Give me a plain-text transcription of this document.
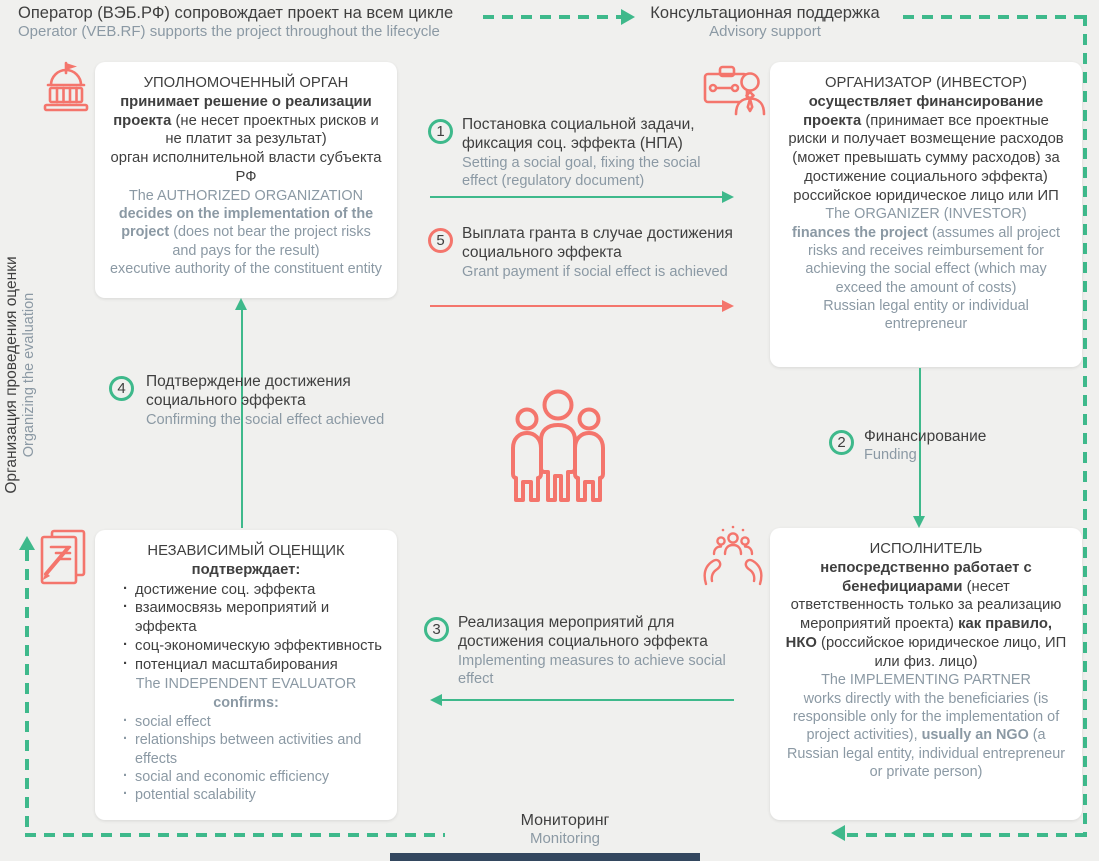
Оператор (ВЭБ.РФ) сопровождает проект на всем цикле
Operator (VEB.RF) supports the project throughout the lifecycle
Консультационная поддержка
Advisory support
Организация проведения оценки Organizing the evaluation
УПОЛНОМОЧЕННЫЙ ОРГАН
принимает решение о реализации проекта (не несет проектных рисков и не платит за результат)
орган исполнительной власти субъекта РФ
The AUTHORIZED ORGANIZATION
decides on the implementation of the project (does not bear the project risks and pays for the result)
executive authority of the constituent entity
ОРГАНИЗАТОР (ИНВЕСТОР)
осуществляет финансирование проекта (принимает все проектные риски и получает возмещение расходов (может превышать сумму расходов) за достижение социального эффекта)
российское юридическое лицо или ИП
The ORGANIZER (INVESTOR)
finances the project (assumes all project risks and receives reimbursement for achieving the social effect (which may exceed the amount of costs)
Russian legal entity or individual entrepreneur
1	Постановка социальной задачи, фиксация соц. эффекта (НПА)
Setting a social goal, fixing the social effect (regulatory document)
5	Выплата гранта в случае достижения социального эффекта
Grant payment if social effect is achieved
2	Финансирование
Funding
4	Подтверждение достижения социального эффекта
Confirming the social effect achieved
НЕЗАВИСИМЫЙ ОЦЕНЩИК
подтверждает:
· достижение соц. эффекта
· взаимосвязь мероприятий и эффекта
· соц-экономическую эффективность
· потенциал масштабирования
The INDEPENDENT EVALUATOR
confirms:
· social effect
· relationships between activities and effects
· social and economic efficiency
· potential scalability
ИСПОЛНИТЕЛЬ
непосредственно работает с бенефициарами (несет ответственность только за реализацию мероприятий проекта) как правило, НКО (российское юридическое лицо, ИП или физ. лицо)
The IMPLEMENTING PARTNER
works directly with the beneficiaries (is responsible only for the implementation of project activities), usually an NGO (a Russian legal entity, individual entrepreneur or private person)
3	Реализация мероприятий для достижения социального эффекта
Implementing measures to achieve social effect
Мониторинг
Monitoring
